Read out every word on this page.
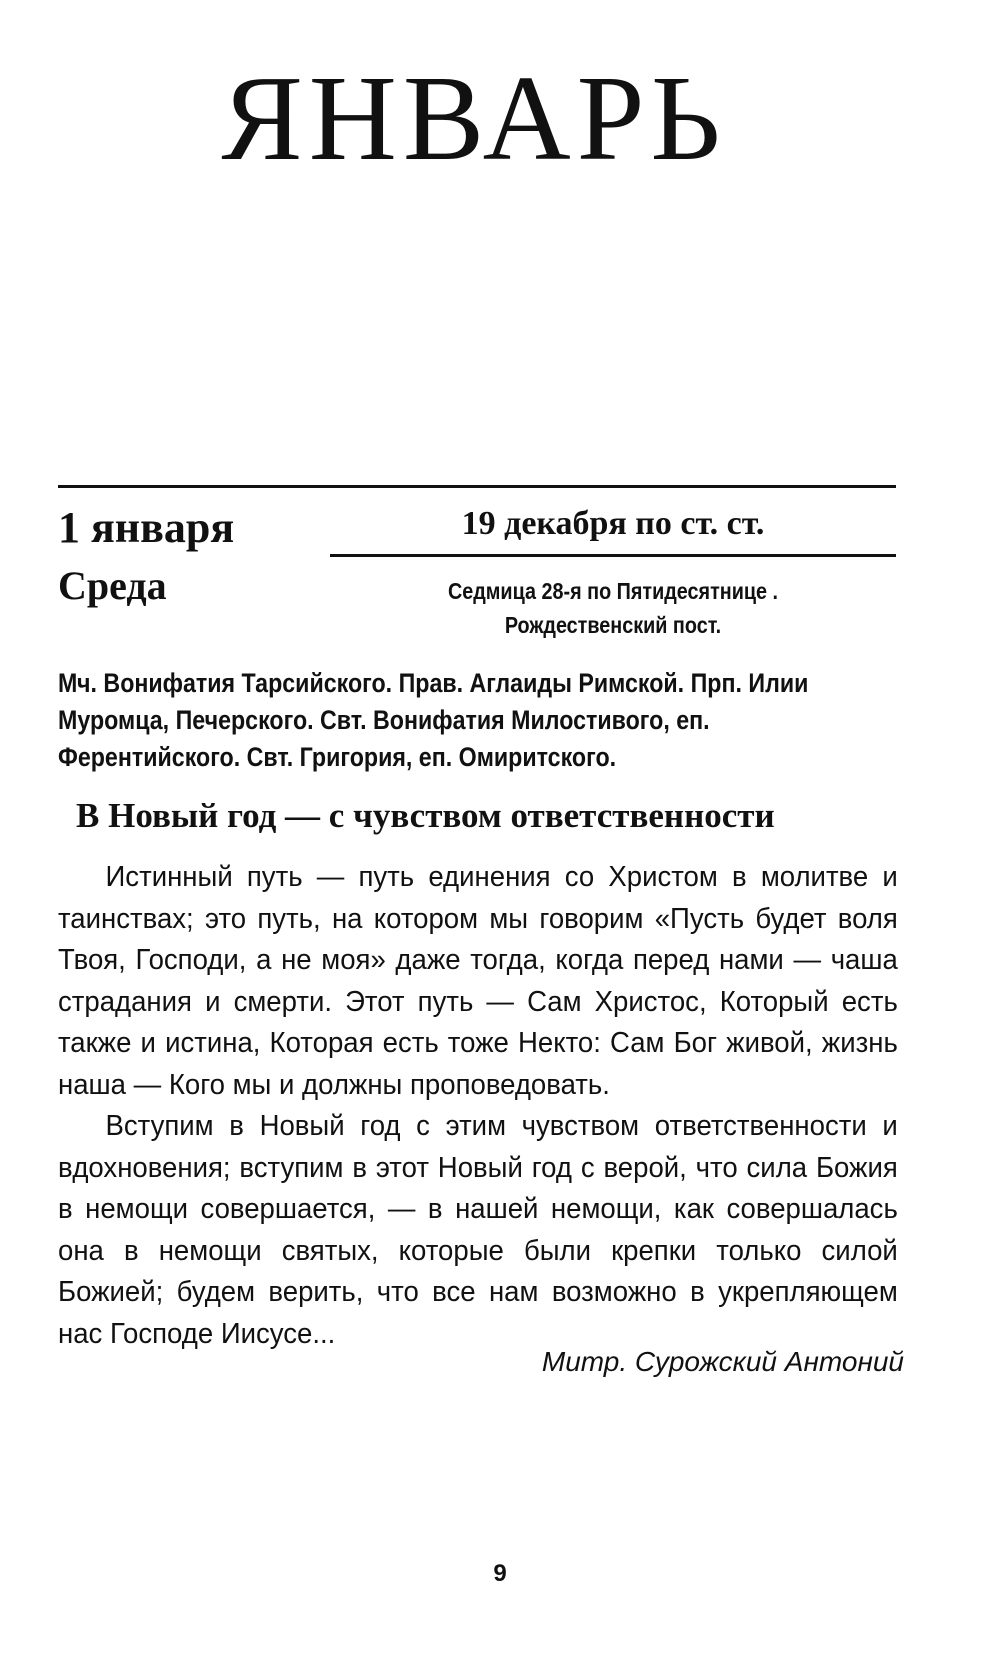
ЯНВАРЬ
1 января
Среда
19 декабря по ст. ст.
Седмица 28-я по Пятидесятнице . Рождественский пост.
Мч. Вонифатия Тарсийского. Прав. Аглаиды Римской. Прп. Илии Муромца, Печерского. Свт. Вонифатия Милостивого, еп. Ферентийского. Свт. Григория, еп. Омиритского.
В Новый год — с чувством ответственности

Истинный путь — путь единения со Христом в молитве и таинствах; это путь, на котором мы говорим «Пусть будет воля Твоя, Господи, а не моя» даже тогда, когда перед нами — чаша страдания и смерти. Этот путь — Сам Христос, Который есть также и истина, Которая есть тоже Некто: Сам Бог живой, жизнь наша — Кого мы и должны проповедовать.

Вступим в Новый год с этим чувством ответственности и вдохновения; вступим в этот Новый год с верой, что сила Божия в немощи совершается, — в нашей немощи, как совершалась она в немощи святых, которые были крепки только силой Божией; будем верить, что все нам возможно в укрепляющем нас Господе Иисусе...

Митр. Сурожский Антоний
9
